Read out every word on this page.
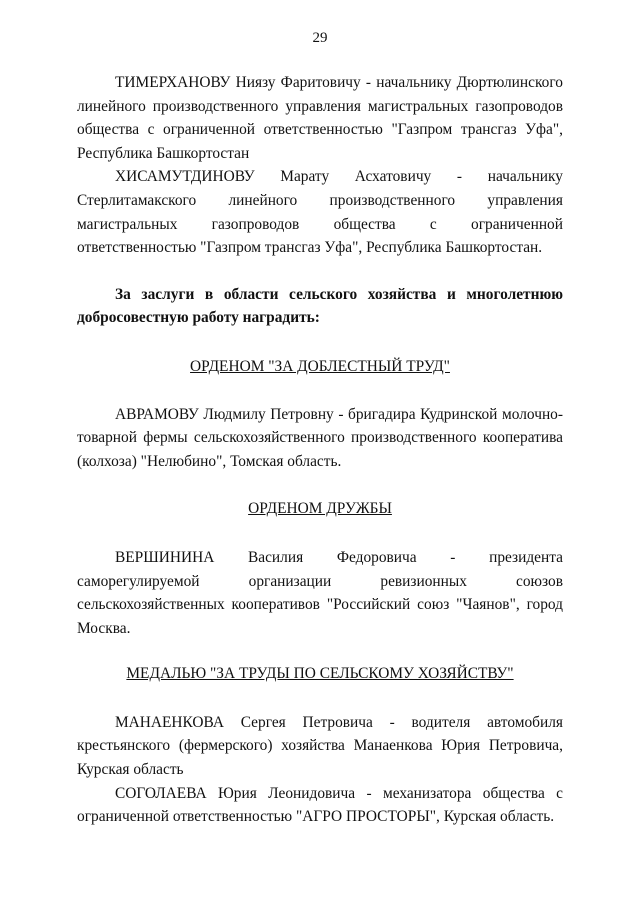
29

ТИМЕРХАНОВУ Ниязу Фаритовичу - начальнику Дюртюлинского линейного производственного управления магистральных газопроводов общества с ограниченной ответственностью "Газпром трансгаз Уфа", Республика Башкортостан

ХИСАМУТДИНОВУ Марату Асхатовичу - начальнику Стерлитамакского линейного производственного управления магистральных газопроводов общества с ограниченной ответственностью "Газпром трансгаз Уфа", Республика Башкортостан.

За заслуги в области сельского хозяйства и многолетнюю добросовестную работу наградить:

ОРДЕНОМ "ЗА ДОБЛЕСТНЫЙ ТРУД"

АВРАМОВУ Людмилу Петровну - бригадира Кудринской молочно-товарной фермы сельскохозяйственного производственного кооператива (колхоза) "Нелюбино", Томская область.

ОРДЕНОМ ДРУЖБЫ

ВЕРШИНИНА Василия Федоровича - президента саморегулируемой организации ревизионных союзов сельскохозяйственных кооперативов "Российский союз "Чаянов", город Москва.

МЕДАЛЬЮ "ЗА ТРУДЫ ПО СЕЛЬСКОМУ ХОЗЯЙСТВУ"

МАНАЕНКОВА Сергея Петровича - водителя автомобиля крестьянского (фермерского) хозяйства Манаенкова Юрия Петровича, Курская область

СОГОЛАЕВА Юрия Леонидовича - механизатора общества с ограниченной ответственностью "АГРО ПРОСТОРЫ", Курская область.
